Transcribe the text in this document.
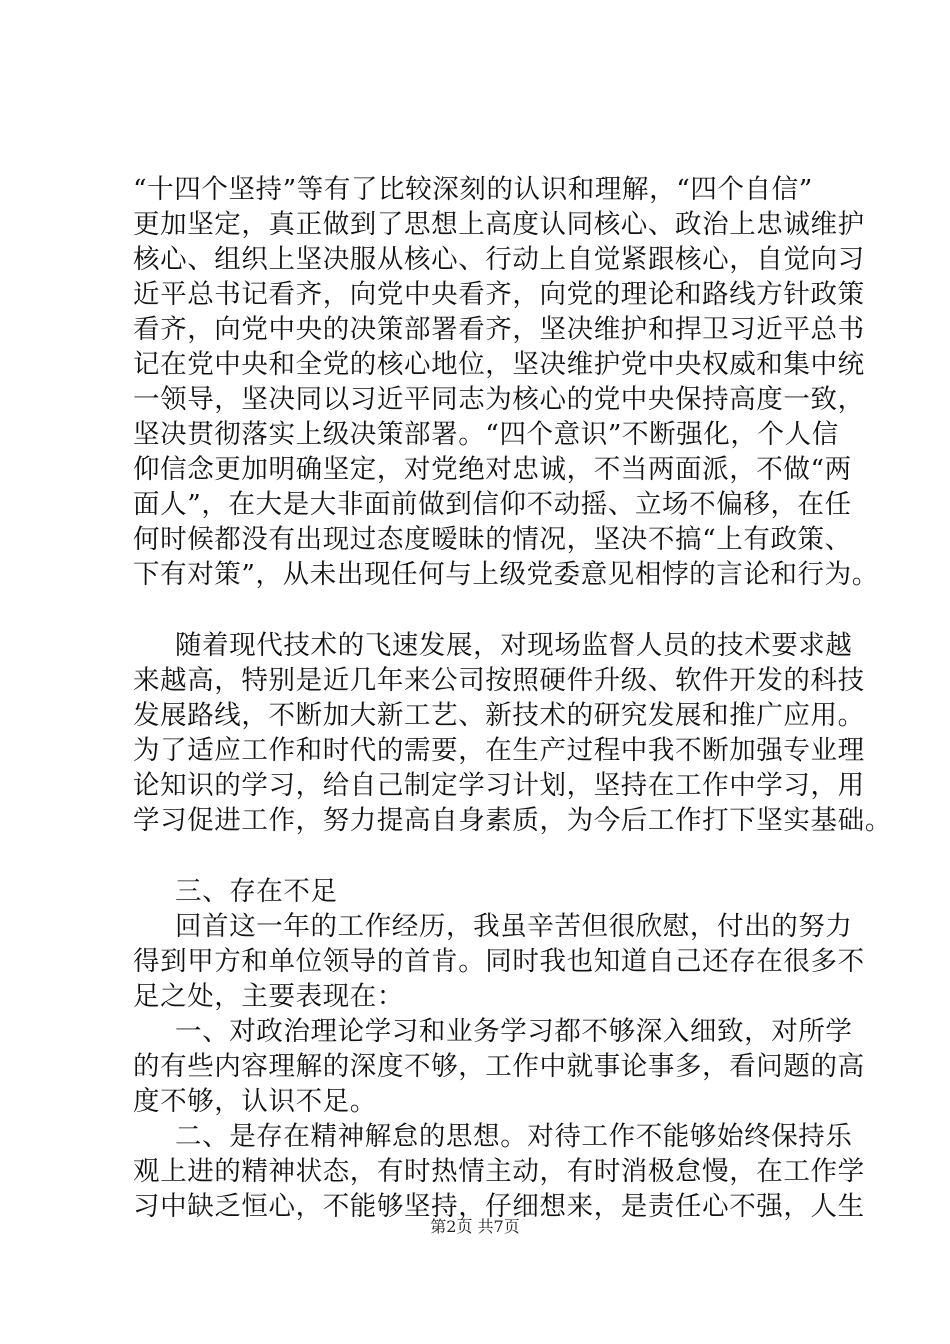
“十四个坚持”等有了比较深刻的认识和理解，“四个自信”
更加坚定，真正做到了思想上高度认同核心、政治上忠诚维护
核心、组织上坚决服从核心、行动上自觉紧跟核心，自觉向习
近平总书记看齐，向党中央看齐，向党的理论和路线方针政策
看齐，向党中央的决策部署看齐，坚决维护和捍卫习近平总书
记在党中央和全党的核心地位，坚决维护党中央权威和集中统
一领导，坚决同以习近平同志为核心的党中央保持高度一致，
坚决贯彻落实上级决策部署。“四个意识”不断强化，个人信
仰信念更加明确坚定，对党绝对忠诚，不当两面派，不做“两
面人”，在大是大非面前做到信仰不动摇、立场不偏移，在任
何时候都没有出现过态度暧昧的情况，坚决不搞“上有政策、
下有对策”，从未出现任何与上级党委意见相悖的言论和行为。
随着现代技术的飞速发展，对现场监督人员的技术要求越
来越高，特别是近几年来公司按照硬件升级、软件开发的科技
发展路线，不断加大新工艺、新技术的研究发展和推广应用。
为了适应工作和时代的需要，在生产过程中我不断加强专业理
论知识的学习，给自己制定学习计划，坚持在工作中学习，用
学习促进工作，努力提高自身素质，为今后工作打下坚实基础。
三、存在不足
回首这一年的工作经历，我虽辛苦但很欣慰，付出的努力
得到甲方和单位领导的首肯。同时我也知道自己还存在很多不
足之处，主要表现在：
一、对政治理论学习和业务学习都不够深入细致，对所学
的有些内容理解的深度不够，工作中就事论事多，看问题的高
度不够，认识不足。
二、是存在精神解怠的思想。对待工作不能够始终保持乐
观上进的精神状态，有时热情主动，有时消极怠慢，在工作学
习中缺乏恒心，不能够坚持，仔细想来，是责任心不强，人生
第2页 共7页
